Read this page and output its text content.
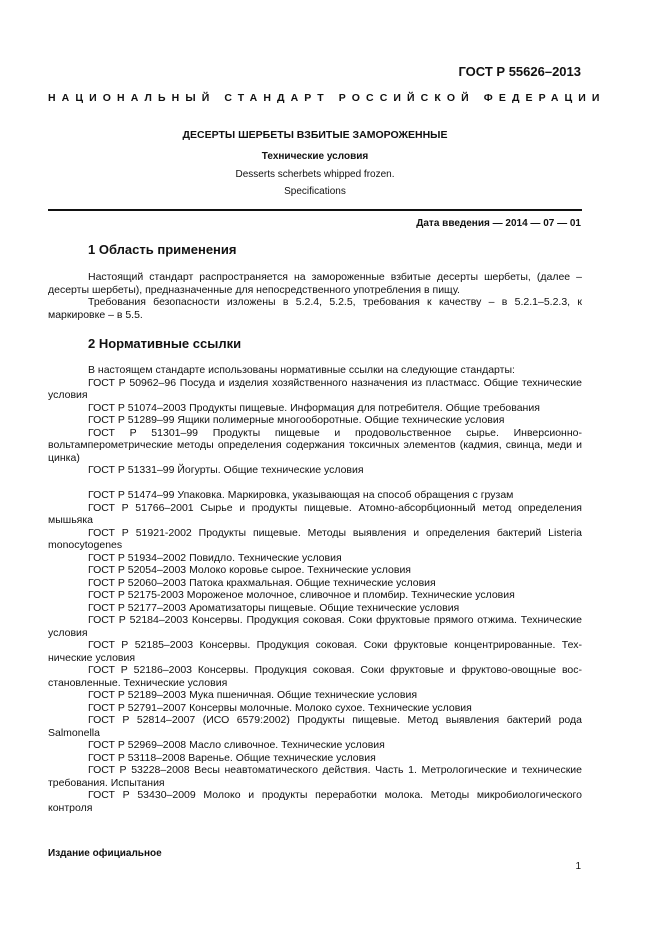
ГОСТ Р 55626–2013
НАЦИОНАЛЬНЫЙ СТАНДАРТ РОССИЙСКОЙ ФЕДЕРАЦИИ
ДЕСЕРТЫ ШЕРБЕТЫ ВЗБИТЫЕ ЗАМОРОЖЕННЫЕ
Технические условия
Desserts scherbets whipped frozen.
Specifications
Дата введения — 2014 — 07 — 01
1 Область применения
Настоящий стандарт распространяется на замороженные взбитые десерты шербеты, (далее – десерты шербеты), предназначенные для непосредственного употребления в пищу.
Требования безопасности изложены в 5.2.4, 5.2.5, требования к качеству – в 5.2.1–5.2.3, к маркировке – в 5.5.
2 Нормативные ссылки
В настоящем стандарте использованы нормативные ссылки на следующие стандарты:
ГОСТ Р 50962–96 Посуда и изделия хозяйственного назначения из пластмасс. Общие технические условия
ГОСТ Р 51074–2003 Продукты пищевые. Информация для потребителя. Общие требования
ГОСТ Р 51289–99 Ящики полимерные многооборотные. Общие технические условия
ГОСТ Р 51301–99 Продукты пищевые и продовольственное сырье. Инверсионно-вольтамперометрические методы определения содержания токсичных элементов (кадмия, свинца, меди и цинка)
ГОСТ Р 51331–99 Йогурты. Общие технические условия
ГОСТ Р 51474–99 Упаковка. Маркировка, указывающая на способ обращения с грузам
ГОСТ Р 51766–2001 Сырье и продукты пищевые. Атомно-абсорбционный метод определения мышьяка
ГОСТ Р 51921-2002 Продукты пищевые. Методы выявления и определения бактерий Listeria monocytogenes
ГОСТ Р 51934–2002 Повидло. Технические условия
ГОСТ Р 52054–2003 Молоко коровье сырое. Технические условия
ГОСТ Р 52060–2003 Патока крахмальная. Общие технические условия
ГОСТ Р 52175-2003 Мороженое молочное, сливочное и пломбир. Технические условия
ГОСТ Р 52177–2003 Ароматизаторы пищевые. Общие технические условия
ГОСТ Р 52184–2003 Консервы. Продукция соковая. Соки фруктовые прямого отжима. Технические условия
ГОСТ Р 52185–2003 Консервы. Продукция соковая. Соки фруктовые концентрированные. Технические условия
ГОСТ Р 52186–2003 Консервы. Продукция соковая. Соки фруктовые и фруктово-овощные восстановленные. Технические условия
ГОСТ Р 52189–2003 Мука пшеничная. Общие технические условия
ГОСТ Р 52791–2007 Консервы молочные. Молоко сухое. Технические условия
ГОСТ Р 52814–2007 (ИСО 6579:2002) Продукты пищевые. Метод выявления бактерий рода Salmonella
ГОСТ Р 52969–2008 Масло сливочное. Технические условия
ГОСТ Р 53118–2008 Варенье. Общие технические условия
ГОСТ Р 53228–2008 Весы неавтоматического действия. Часть 1. Метрологические и технические требования. Испытания
ГОСТ Р 53430–2009 Молоко и продукты переработки молока. Методы микробиологического контроля
Издание официальное
1
